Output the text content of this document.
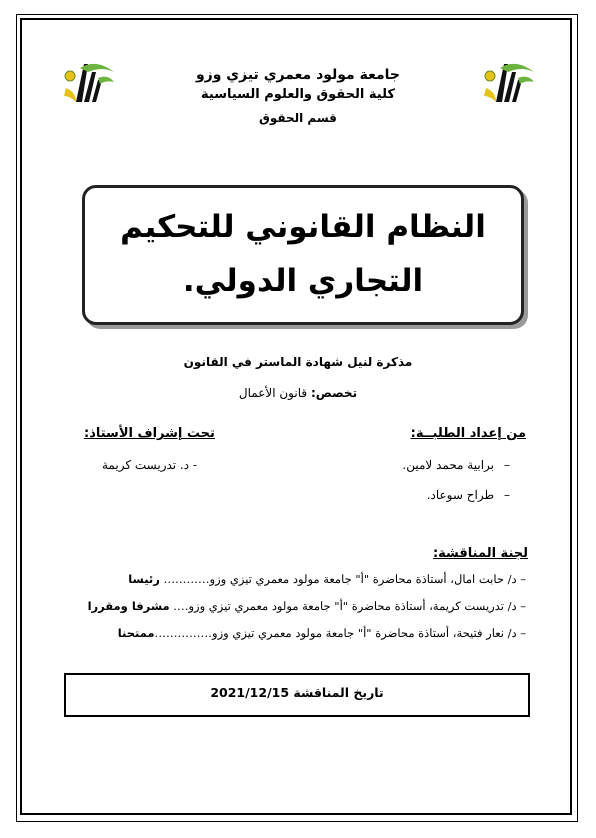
جامعة مولود معمري تيزي وزو
كلية الحقوق والعلوم السياسية
قسم الحقوق
النظام القانوني للتحكيم التجاري الدولي.
مذكرة لنيل شهادة الماستر في القانون
تخصص: قانون الأعمال
من إعداد الطلبــة:
تحت إشراف الأستاذ:
–برابية محمد لامين.
–طراح سوعاد.
- د. تدريست كريمة
لجنة المناقشة:
– د/ حابت امال، أستاذة محاضرة "أ" جامعة مولود معمري تيزي وزو………… رئيسا
– د/ تدريست كريمة، أستاذة محاضرة "أ" جامعة مولود معمري تيزي وزو…. مشرفا ومقررا
– د/ نعار فتيحة، أستاذة محاضرة "أ" جامعة مولود معمري تيزي وزو……………ممتحنا
تاريخ المناقشة 2021/12/15
